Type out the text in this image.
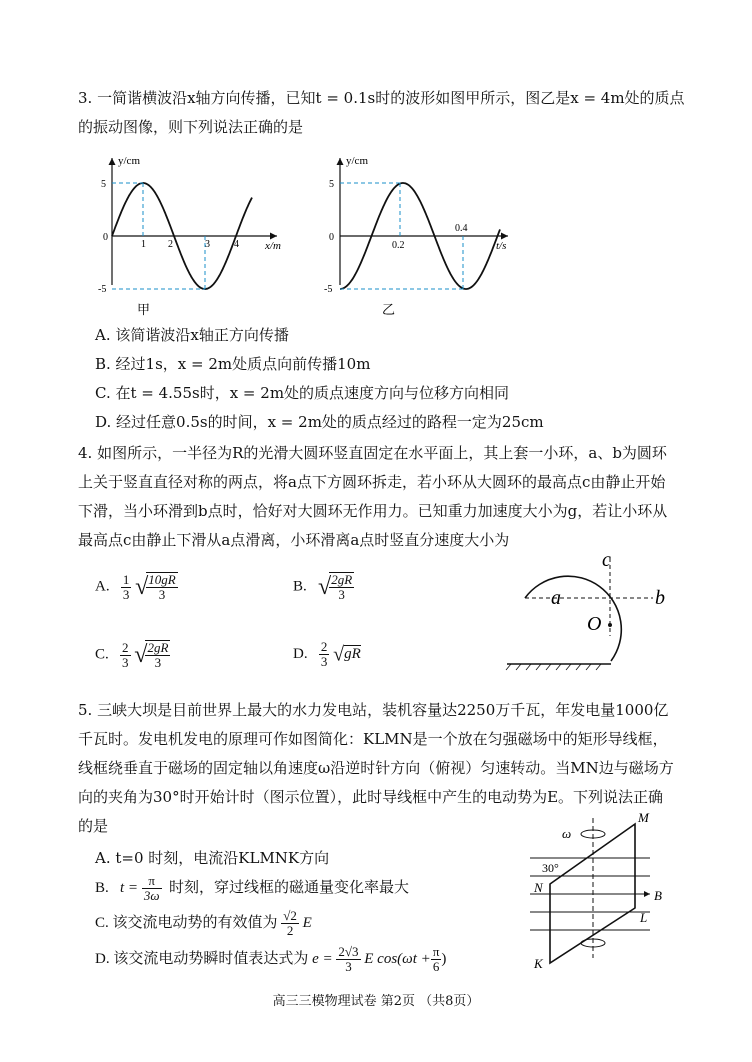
3. 一简谐横波沿x轴方向传播，已知t = 0.1s时的波形如图甲所示，图乙是x = 4m处的质点
的振动图像，则下列说法正确的是
y/cm
5
0
-5
1 2	3 4 x/m
甲
y/cm
5
0
-5
0.2
0.4
t/s
乙
A. 该简谐波沿x轴正方向传播
B. 经过1s，x = 2m处质点向前传播10m
C. 在t = 4.55s时，x = 2m处的质点速度方向与位移方向相同
D. 经过任意0.5s的时间，x = 2m处的质点经过的路程一定为25cm
4. 如图所示，一半径为R的光滑大圆环竖直固定在水平面上，其上套一小环，a、b为圆环
上关于竖直直径对称的两点，将a点下方圆环拆走，若小环从大圆环的最高点c由静止开始
下滑，当小环滑到b点时，恰好对大圆环无作用力。已知重力加速度大小为g，若让小环从
最高点c由静止下滑从a点滑离，小环滑离a点时竖直分速度大小为
A. $\frac{1}{3}$ √
$\frac{10gR}{3}$	B. √
$\frac{2gR}{3}$
C. $\frac{2}{3}$ √
$\frac{2gR}{3}$	D. $\frac{2}{3} √gR$
c
a	b
O
5. 三峡大坝是目前世界上最大的水力发电站，装机容量达2250万千瓦，年发电量1000亿
千瓦时。发电机发电的原理可作如图简化：KLMN是一个放在匀强磁场中的矩形导线框，
线框绕垂直于磁场的固定轴以角速度ω沿逆时针方向（俯视）匀速转动。当MN边与磁场方
向的夹角为30°时开始计时（图示位置），此时导线框中产生的电动势为E。下列说法正确
的是
A. t=0 时刻，电流沿KLMNK方向
B. $t = \frac{\pi}{3\omega}$ 时刻，穿过线框的磁通量变化率最大
C. 该交流电动势的有效值为 $\frac{√2}{2}$ E
D. 该交流电动势瞬时值表达式为 $e = \frac{2√3}{3}$ E $\cos(\omega t + \frac{\pi}{6}$ )
ω
30°
M
N
B
L
K
高三三模物理试卷 第2页 （共8页）
